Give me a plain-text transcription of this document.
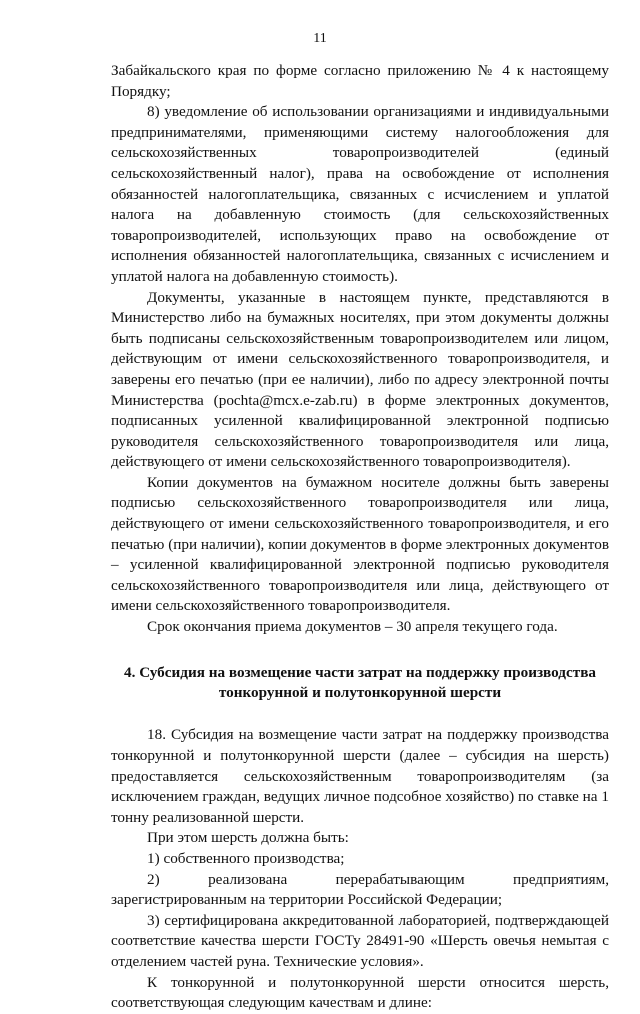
11

Забайкальского края по форме согласно приложению № 4 к настоящему Порядку;

8) уведомление об использовании организациями и индивидуальными предпринимателями, применяющими систему налогообложения для сельскохозяйственных товаропроизводителей (единый сельскохозяйственный налог), права на освобождение от исполнения обязанностей налогоплательщика, связанных с исчислением и уплатой налога на добавленную стоимость (для сельскохозяйственных товаропроизводителей, использующих право на освобождение от исполнения обязанностей налогоплательщика, связанных с исчислением и уплатой налога на добавленную стоимость).

Документы, указанные в настоящем пункте, представляются в Министерство либо на бумажных носителях, при этом документы должны быть подписаны сельскохозяйственным товаропроизводителем или лицом, действующим от имени сельскохозяйственного товаропроизводителя, и заверены его печатью (при ее наличии), либо по адресу электронной почты Министерства (pochta@mcx.e-zab.ru) в форме электронных документов, подписанных усиленной квалифицированной электронной подписью руководителя сельскохозяйственного товаропроизводителя или лица, действующего от имени сельскохозяйственного товаропроизводителя).

Копии документов на бумажном носителе должны быть заверены подписью сельскохозяйственного товаропроизводителя или лица, действующего от имени сельскохозяйственного товаропроизводителя, и его печатью (при наличии), копии документов в форме электронных документов – усиленной квалифицированной электронной подписью руководителя сельскохозяйственного товаропроизводителя или лица, действующего от имени сельскохозяйственного товаропроизводителя.

Срок окончания приема документов – 30 апреля текущего года.

4. Субсидия на возмещение части затрат на поддержку производства тонкорунной и полутонкорунной шерсти

18. Субсидия на возмещение части затрат на поддержку производства тонкорунной и полутонкорунной шерсти (далее – субсидия на шерсть) предоставляется сельскохозяйственным товаропроизводителям (за исключением граждан, ведущих личное подсобное хозяйство) по ставке на 1 тонну реализованной шерсти.

При этом шерсть должна быть:

1) собственного производства;

2) реализована перерабатывающим предприятиям, зарегистрированным на территории Российской Федерации;

3) сертифицирована аккредитованной лабораторией, подтверждающей соответствие качества шерсти ГОСТу 28491-90 «Шерсть овечья немытая с отделением частей руна. Технические условия».

К тонкорунной и полутонкорунной шерсти относится шерсть, соответствующая следующим качествам и длине:
